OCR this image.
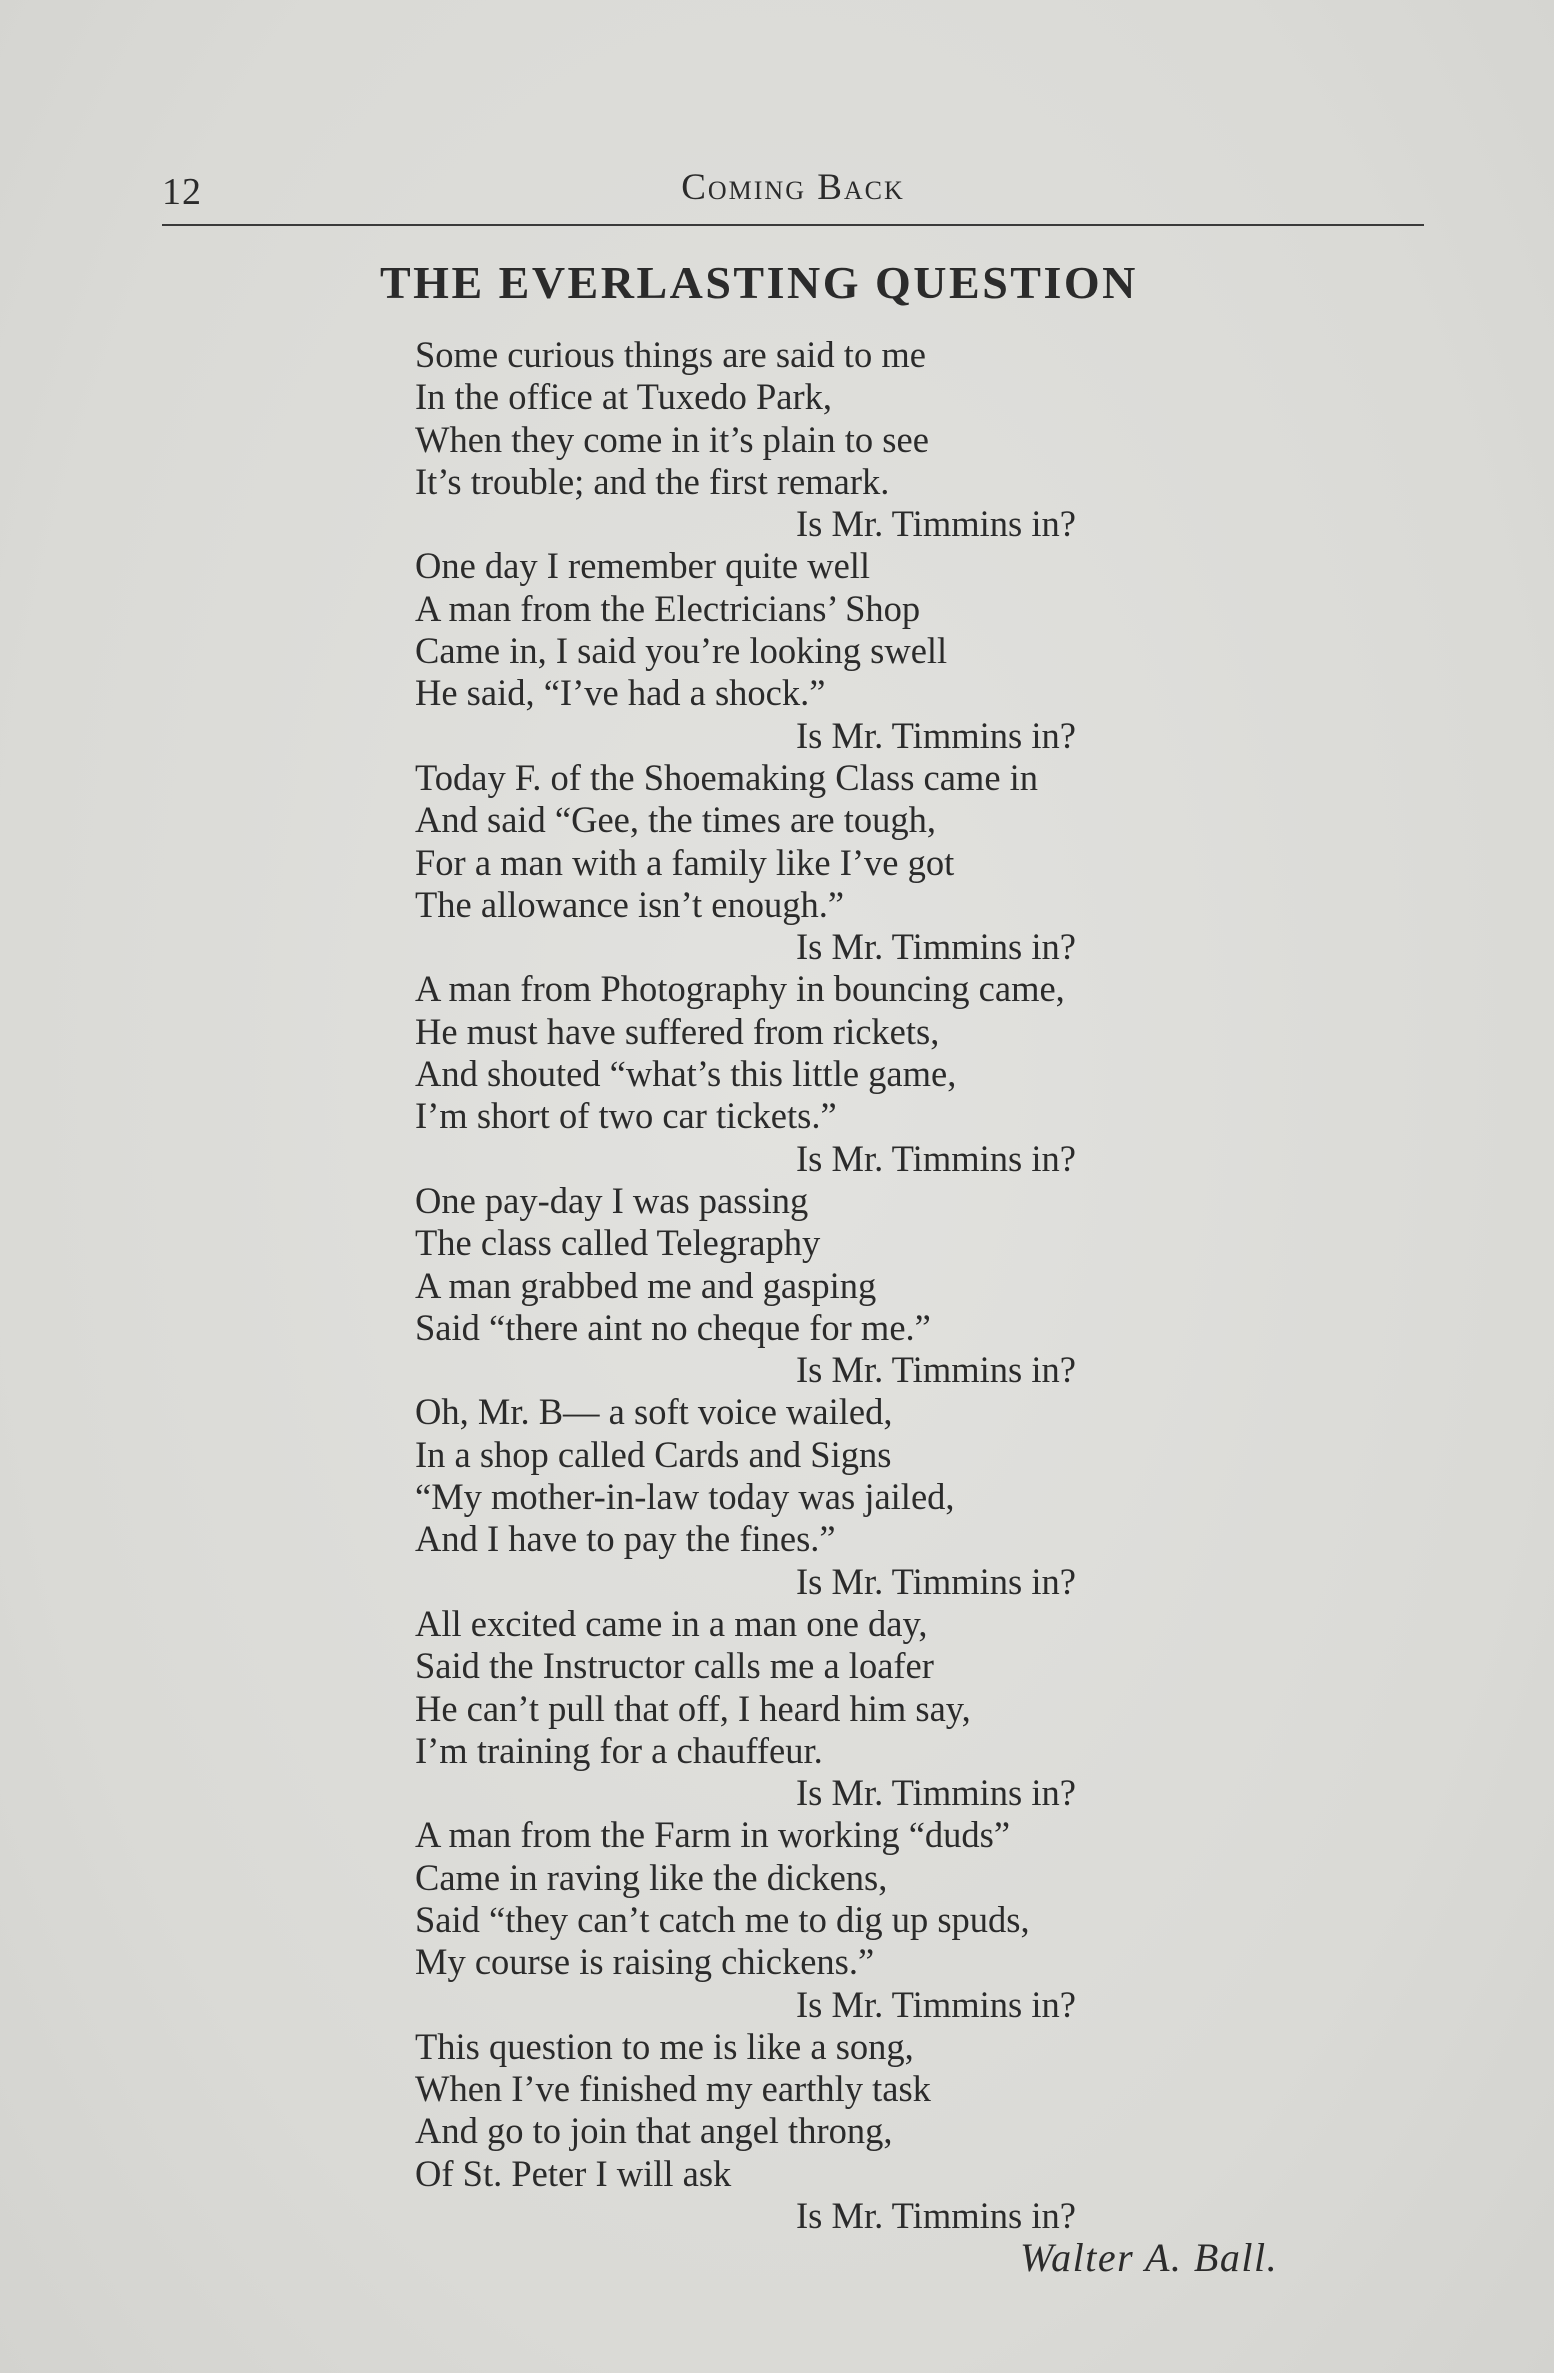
12	Coming Back
THE EVERLASTING QUESTION
Some curious things are said to me
In the office at Tuxedo Park,
When they come in it’s plain to see
It’s trouble; and the first remark.
Is Mr. Timmins in?
One day I remember quite well
A man from the Electricians’ Shop
Came in, I said you’re looking swell
He said, “I’ve had a shock.”
Is Mr. Timmins in?
Today F. of the Shoemaking Class came in
And said “Gee, the times are tough,
For a man with a family like I’ve got
The allowance isn’t enough.”
Is Mr. Timmins in?
A man from Photography in bouncing came,
He must have suffered from rickets,
And shouted “what’s this little game,
I’m short of two car tickets.”
Is Mr. Timmins in?
One pay-day I was passing
The class called Telegraphy
A man grabbed me and gasping
Said “there aint no cheque for me.”
Is Mr. Timmins in?
Oh, Mr. B— a soft voice wailed,
In a shop called Cards and Signs
“My mother-in-law today was jailed,
And I have to pay the fines.”
Is Mr. Timmins in?
All excited came in a man one day,
Said the Instructor calls me a loafer
He can’t pull that off, I heard him say,
I’m training for a chauffeur.
Is Mr. Timmins in?
A man from the Farm in working “duds”
Came in raving like the dickens,
Said “they can’t catch me to dig up spuds,
My course is raising chickens.”
Is Mr. Timmins in?
This question to me is like a song,
When I’ve finished my earthly task
And go to join that angel throng,
Of St. Peter I will ask
Is Mr. Timmins in?
Walter A. Ball.
